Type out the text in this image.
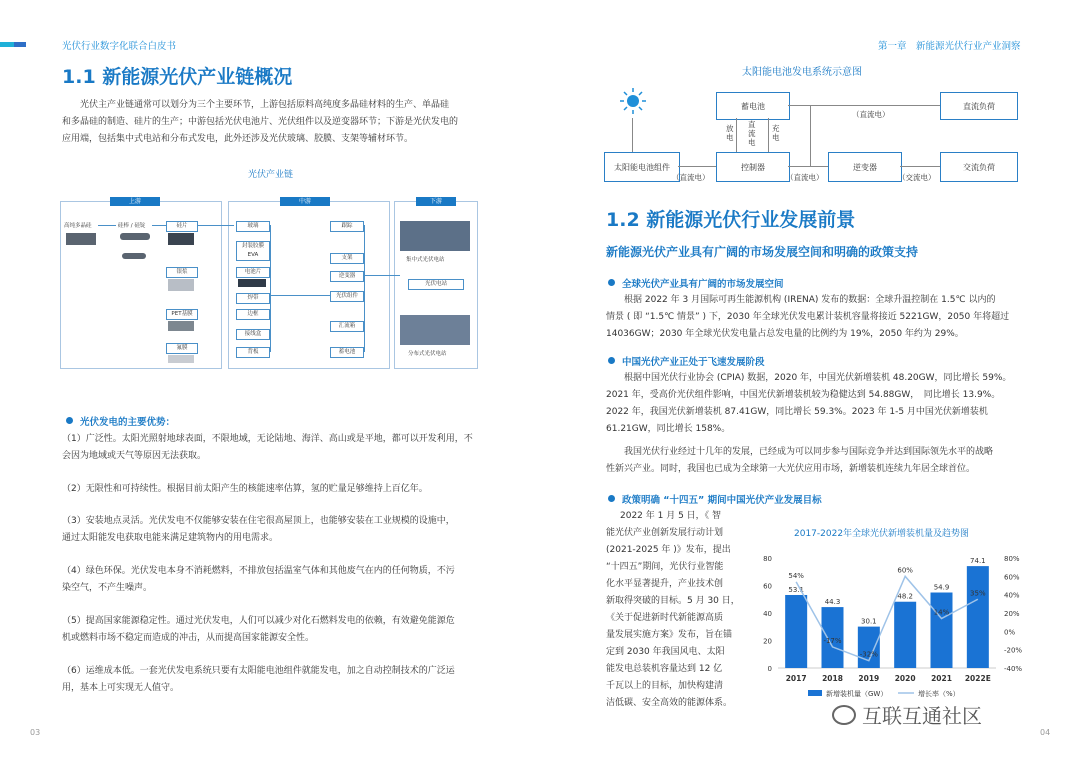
光伏行业数字化联合白皮书
1.1 新能源光伏产业链概况
光伏主产业链通常可以划分为三个主要环节，上游包括原料高纯度多晶硅材料的生产、单晶硅
和多晶硅的制造、硅片的生产；中游包括光伏电池片、光伏组件以及逆变器环节；下游是光伏发电的
应用端，包括集中式电站和分布式发电，此外还涉及光伏玻璃、胶膜、支架等辅材环节。
光伏产业链
上游	中游	下游
高纯多晶硅	硅棒 / 硅锭	硅片
银浆
PET基膜
氟膜
玻璃
封装胶膜EVA
电池片
焊带
边框
接线盒
背板
跟踪
支架
逆变器
光伏组件
汇流箱
蓄电池
集中式光伏电站
光伏电站
分布式光伏电站
光伏发电的主要优势：
（1）广泛性。太阳光照射地球表面，不限地域，无论陆地、海洋、高山或是平地，都可以开发利用，不
会因为地域或天气等原因无法获取。
（2）无限性和可持续性。根据目前太阳产生的核能速率估算，氢的贮量足够维持上百亿年。
（3）安装地点灵活。光伏发电不仅能够安装在住宅很高屋顶上，也能够安装在工业规模的设施中，
通过太阳能发电获取电能来满足建筑物内的用电需求。
（4）绿色环保。光伏发电本身不消耗燃料，不排放包括温室气体和其他废气在内的任何物质，不污
染空气，不产生噪声。
（5）提高国家能源稳定性。通过光伏发电，人们可以减少对化石燃料发电的依赖，有效避免能源危
机或燃料市场不稳定而造成的冲击，从而提高国家能源安全性。
（6）运维成本低。一套光伏发电系统只要有太阳能电池组件就能发电，加之自动控制技术的广泛运
用，基本上可实现无人值守。
03
第一章　新能源光伏行业产业洞察
太阳能电池发电系统示意图
太阳能电池组件
蓄电池
控制器	逆变器
直流负荷
交流负荷
放电
直流电
充电
（直流电）	（直流电）
（直流电）
（交流电）
1.2 新能源光伏行业发展前景
新能源光伏产业具有广阔的市场发展空间和明确的政策支持
全球光伏产业具有广阔的市场发展空间
根据 2022 年 3 月国际可再生能源机构 (IRENA) 发布的数据：全球升温控制在 1.5℃ 以内的
情景 ( 即 “1.5℃ 情景” ) 下，2030 年全球光伏发电累计装机容量将接近 5221GW，2050 年将超过
14036GW；2030 年全球光伏发电量占总发电量的比例约为 19%，2050 年约为 29%。
中国光伏产业正处于飞速发展阶段
根据中国光伏行业协会 (CPIA) 数据，2020 年，中国光伏新增装机 48.20GW，同比增长 59%。
2021 年，受高价光伏组件影响，中国光伏新增装机较为稳健达到 54.88GW，　同比增长 13.9%。
2022 年，我国光伏新增装机 87.41GW，同比增长 59.3%。2023 年 1-5 月中国光伏新增装机
61.21GW，同比增长 158%。
我国光伏行业经过十几年的发展，已经成为可以同步参与国际竞争并达到国际领先水平的战略
性新兴产业。同时，我国也已成为全球第一大光伏应用市场，新增装机连续九年居全球首位。
政策明确 “十四五” 期间中国光伏产业发展目标
2022 年 1 月 5 日，《 智
能光伏产业创新发展行动计划
(2021-2025 年 )》发布，提出
“十四五”期间，光伏行业智能
化水平显著提升，产业技术创
新取得突破的目标。5 月 30 日，
《关于促进新时代新能源高质
量发展实施方案》发布，旨在锚
定到 2030 年我国风电、太阳
能发电总装机容量达到 12 亿
千瓦以上的目标，加快构建清
洁低碳、安全高效的能源体系。
2017-2022年全球光伏新增装机量及趋势图
0
20
40
60
80
-40%
-20%
0%
20%
40%
60%
80%
53.1
2017
44.3
2018
30.1
2019
48.2
2020
54.9
2021
74.1
2022E
54%
-17%
-32%
60%
14%
35%
新增装机量（GW）	增长率（%）
04
互联互通社区
